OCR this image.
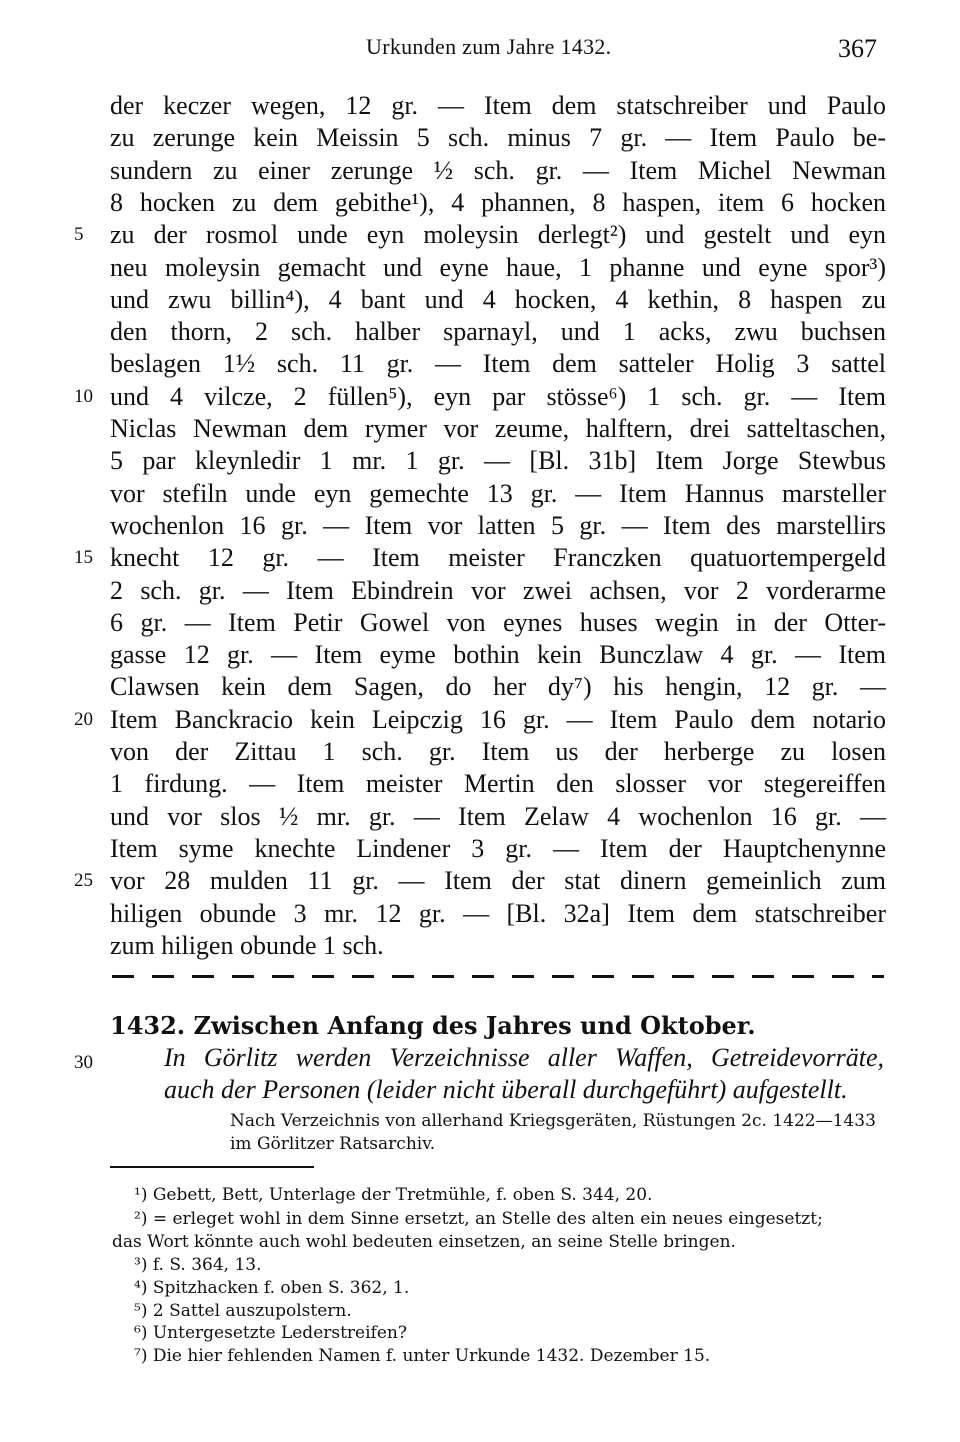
Urkunden zum Jahre 1432.	367
der keczer wegen, 12 gr. — Item dem statschreiber und Paulo
zu zerunge kein Meissin 5 sch. minus 7 gr. — Item Paulo be-
sundern zu einer zerunge ½ sch. gr. — Item Michel Newman
8 hocken zu dem gebithe¹), 4 phannen, 8 haspen, item 6 hocken
zu der rosmol unde eyn moleysin derlegt²) und gestelt und eyn
5
neu moleysin gemacht und eyne haue, 1 phanne und eyne spor³)
und zwu billin⁴), 4 bant und 4 hocken, 4 kethin, 8 haspen zu
den thorn, 2 sch. halber sparnayl, und 1 acks, zwu buchsen
beslagen 1½ sch. 11 gr. — Item dem satteler Holig 3 sattel
und 4 vilcze, 2 füllen⁵), eyn par stösse⁶) 1 sch. gr. — Item
10
Niclas Newman dem rymer vor zeume, halftern, drei satteltaschen,
5 par kleynledir 1 mr. 1 gr. — [Bl. 31b] Item Jorge Stewbus
vor stefiln unde eyn gemechte 13 gr. — Item Hannus marsteller
wochenlon 16 gr. — Item vor latten 5 gr. — Item des marstellirs
knecht 12 gr. — Item meister Franczken quatuortempergeld
15
2 sch. gr. — Item Ebindrein vor zwei achsen, vor 2 vorderarme
6 gr. — Item Petir Gowel von eynes huses wegin in der Otter-
gasse 12 gr. — Item eyme bothin kein Bunczlaw 4 gr. — Item
Clawsen kein dem Sagen, do her dy⁷) his hengin, 12 gr. —
Item Banckracio kein Leipczig 16 gr. — Item Paulo dem notario
20
von der Zittau 1 sch. gr. Item us der herberge zu losen
1 firdung. — Item meister Mertin den slosser vor stegereiffen
und vor slos ½ mr. gr. — Item Zelaw 4 wochenlon 16 gr. —
Item syme knechte Lindener 3 gr. — Item der Hauptchenynne
vor 28 mulden 11 gr. — Item der stat dinern gemeinlich zum
25
hiligen obunde 3 mr. 12 gr. — [Bl. 32a] Item dem statschreiber
zum hiligen obunde 1 sch.
1432. Zwischen Anfang des Jahres und Oktober.
30	In Görlitz werden Verzeichnisse aller Waffen, Getreidevorräte,
auch der Personen (leider nicht überall durchgeführt) aufgestellt.
Nach Verzeichnis von allerhand Kriegsgeräten, Rüstungen 2c. 1422—1433
im Görlitzer Ratsarchiv.
¹) Gebett, Bett, Unterlage der Tretmühle, f. oben S. 344, 20.
²) = erleget wohl in dem Sinne ersetzt, an Stelle des alten ein neues eingesetzt;
das Wort könnte auch wohl bedeuten einsetzen, an seine Stelle bringen.
³) f. S. 364, 13.
⁴) Spitzhacken f. oben S. 362, 1.
⁵) 2 Sattel auszupolstern.
⁶) Untergesetzte Lederstreifen?
⁷) Die hier fehlenden Namen f. unter Urkunde 1432. Dezember 15.
